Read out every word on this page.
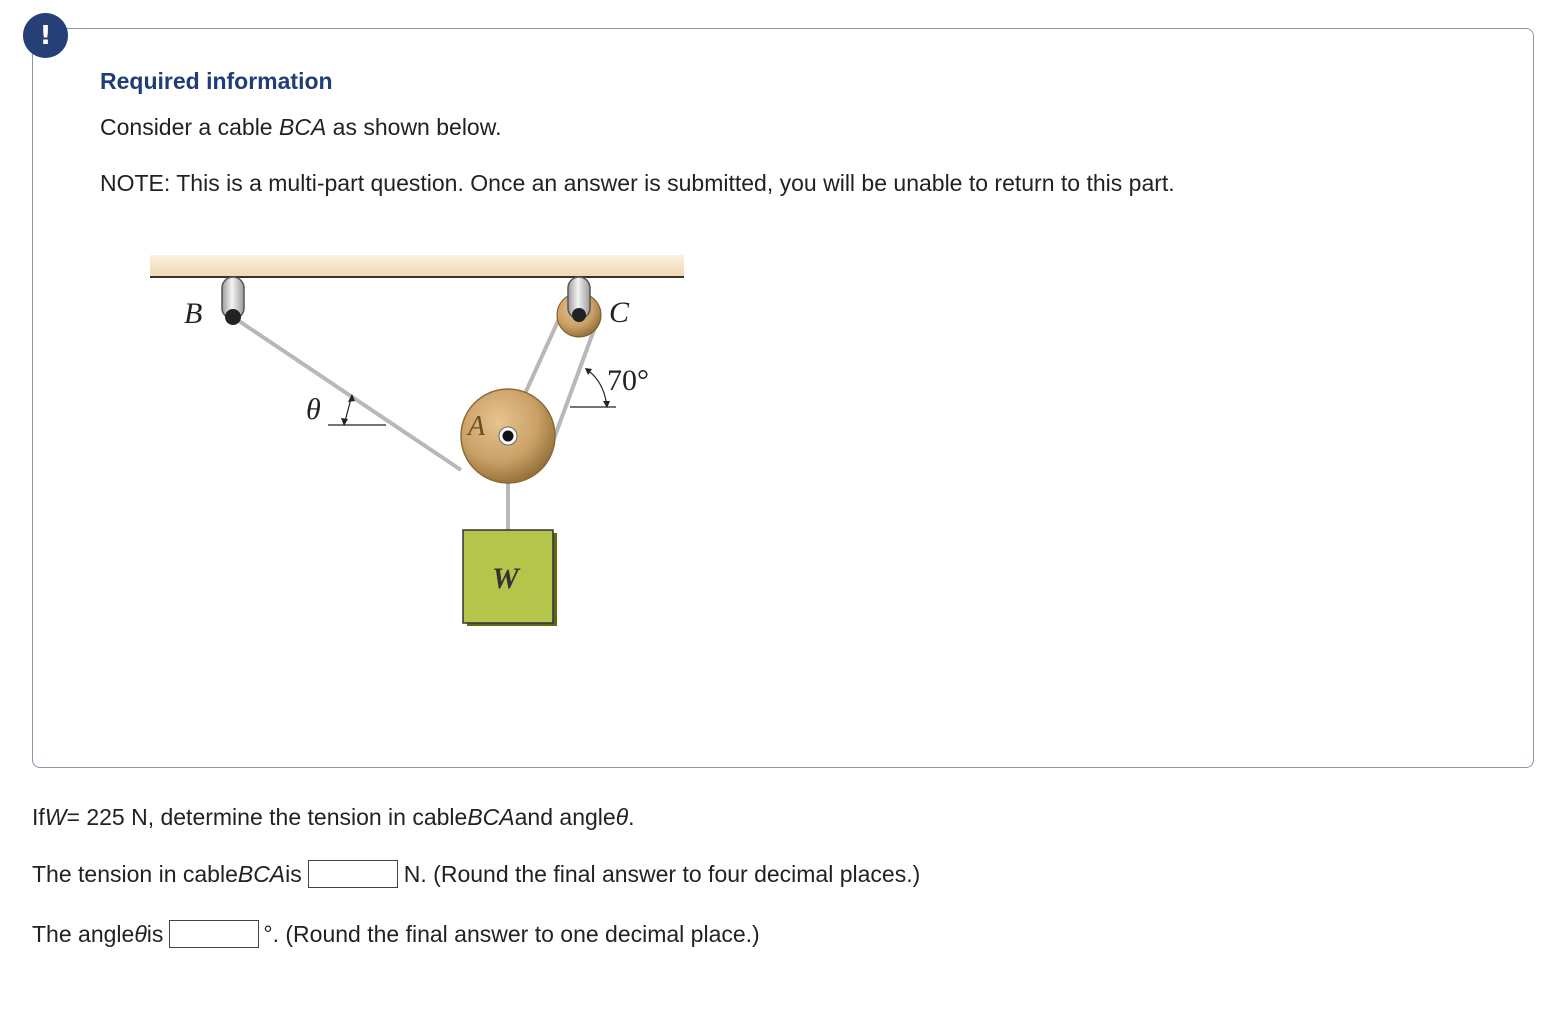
!
Required information
Consider a cable BCA as shown below.
NOTE: This is a multi-part question. Once an answer is submitted, you will be unable to return to this part.
B	C
A
W
θ
70°
If W = 225 N, determine the tension in cable BCA and angle θ .
The tension in cable BCA is	N. (Round the final answer to four decimal places.)
The angle θ is	°. (Round the final answer to one decimal place.)
